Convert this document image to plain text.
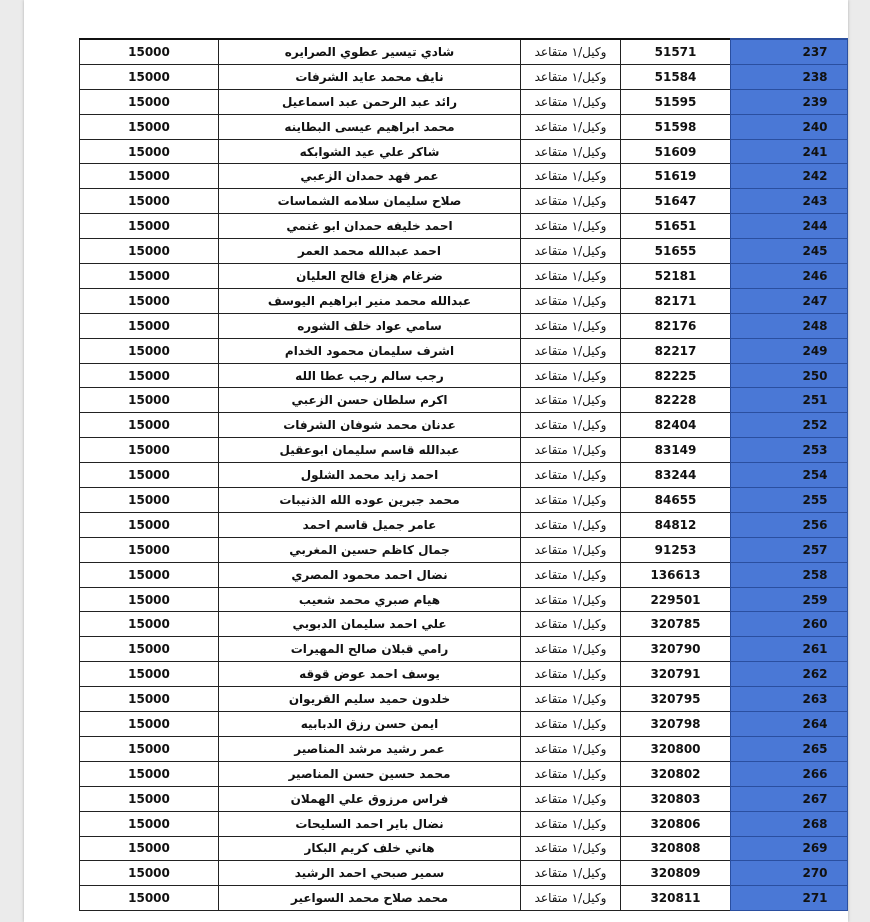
237	51571	وكيل/١ متقاعد	شادي تيسير عطوي الصرايره	15000
238	51584	وكيل/١ متقاعد	نايف محمد عايد الشرفات	15000
239	51595	وكيل/١ متقاعد	رائد عبد الرحمن عبد اسماعيل	15000
240	51598	وكيل/١ متقاعد	محمد ابراهيم عيسى البطاينه	15000
241	51609	وكيل/١ متقاعد	شاكر علي عيد الشوابكه	15000
242	51619	وكيل/١ متقاعد	عمر فهد حمدان الزعبي	15000
243	51647	وكيل/١ متقاعد	صلاح سليمان سلامه الشماسات	15000
244	51651	وكيل/١ متقاعد	احمد خليفه حمدان ابو غنمي	15000
245	51655	وكيل/١ متقاعد	احمد عبدالله محمد العمر	15000
246	52181	وكيل/١ متقاعد	ضرغام هزاع فالح العليان	15000
247	82171	وكيل/١ متقاعد	عبدالله محمد منير ابراهيم اليوسف	15000
248	82176	وكيل/١ متقاعد	سامي عواد خلف الشوره	15000
249	82217	وكيل/١ متقاعد	اشرف سليمان محمود الخدام	15000
250	82225	وكيل/١ متقاعد	رجب سالم رجب عطا الله	15000
251	82228	وكيل/١ متقاعد	اكرم سلطان حسن الزعبي	15000
252	82404	وكيل/١ متقاعد	عدنان محمد شوفان الشرفات	15000
253	83149	وكيل/١ متقاعد	عبدالله قاسم سليمان ابوعقيل	15000
254	83244	وكيل/١ متقاعد	احمد زايد محمد الشلول	15000
255	84655	وكيل/١ متقاعد	محمد جبرين عوده الله الذنيبات	15000
256	84812	وكيل/١ متقاعد	عامر جميل قاسم احمد	15000
257	91253	وكيل/١ متقاعد	جمال كاظم حسين المغربي	15000
258	136613	وكيل/١ متقاعد	نضال احمد محمود المصري	15000
259	229501	وكيل/١ متقاعد	هيام صبري محمد شعيب	15000
260	320785	وكيل/١ متقاعد	علي احمد سليمان الدبوبي	15000
261	320790	وكيل/١ متقاعد	رامي قبلان صالح المهيرات	15000
262	320791	وكيل/١ متقاعد	يوسف احمد عوض قوقه	15000
263	320795	وكيل/١ متقاعد	خلدون حميد سليم القريوان	15000
264	320798	وكيل/١ متقاعد	ايمن حسن رزق الدبابيه	15000
265	320800	وكيل/١ متقاعد	عمر رشيد مرشد المناصير	15000
266	320802	وكيل/١ متقاعد	محمد حسين حسن المناصير	15000
267	320803	وكيل/١ متقاعد	فراس مرزوق علي الهملان	15000
268	320806	وكيل/١ متقاعد	نضال باير احمد السليحات	15000
269	320808	وكيل/١ متقاعد	هاني خلف كريم البكار	15000
270	320809	وكيل/١ متقاعد	سمير صبحي احمد الرشيد	15000
271	320811	وكيل/١ متقاعد	محمد صلاح محمد السواعير	15000
